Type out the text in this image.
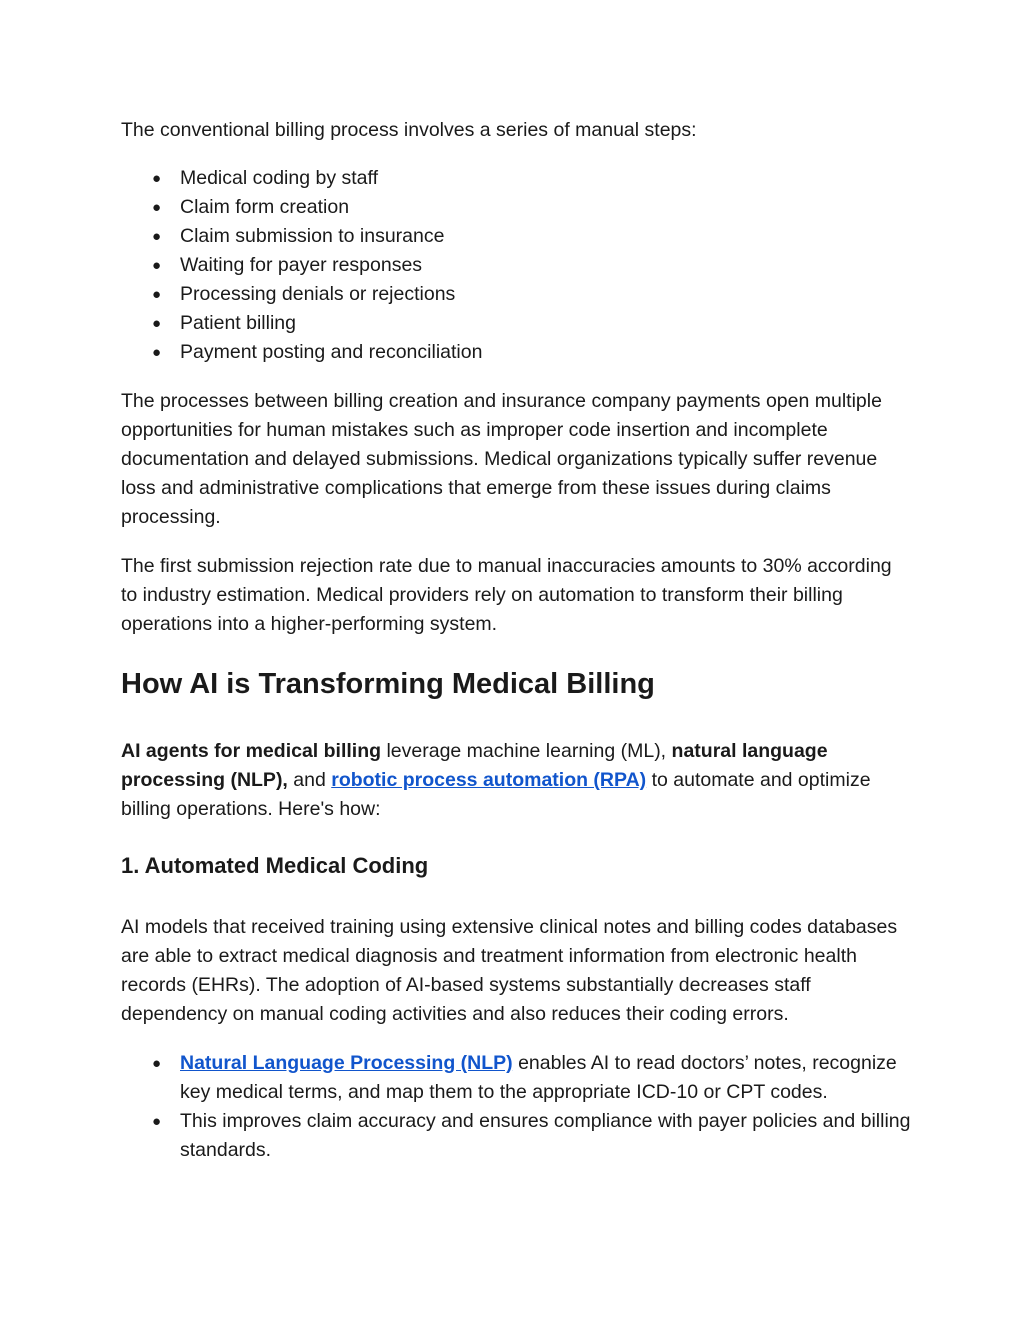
The conventional billing process involves a series of manual steps:

● Medical coding by staff
● Claim form creation
● Claim submission to insurance
● Waiting for payer responses
● Processing denials or rejections
● Patient billing
● Payment posting and reconciliation

The processes between billing creation and insurance company payments open multiple opportunities for human mistakes such as improper code insertion and incomplete documentation and delayed submissions. Medical organizations typically suffer revenue loss and administrative complications that emerge from these issues during claims processing.

The first submission rejection rate due to manual inaccuracies amounts to 30% according to industry estimation. Medical providers rely on automation to transform their billing operations into a higher-performing system.

How AI is Transforming Medical Billing

AI agents for medical billing leverage machine learning (ML), natural language processing (NLP), and robotic process automation (RPA) to automate and optimize billing operations. Here's how:

1. Automated Medical Coding

AI models that received training using extensive clinical notes and billing codes databases are able to extract medical diagnosis and treatment information from electronic health records (EHRs). The adoption of AI-based systems substantially decreases staff dependency on manual coding activities and also reduces their coding errors.

● Natural Language Processing (NLP) enables AI to read doctors’ notes, recognize key medical terms, and map them to the appropriate ICD-10 or CPT codes.
● This improves claim accuracy and ensures compliance with payer policies and billing standards.
